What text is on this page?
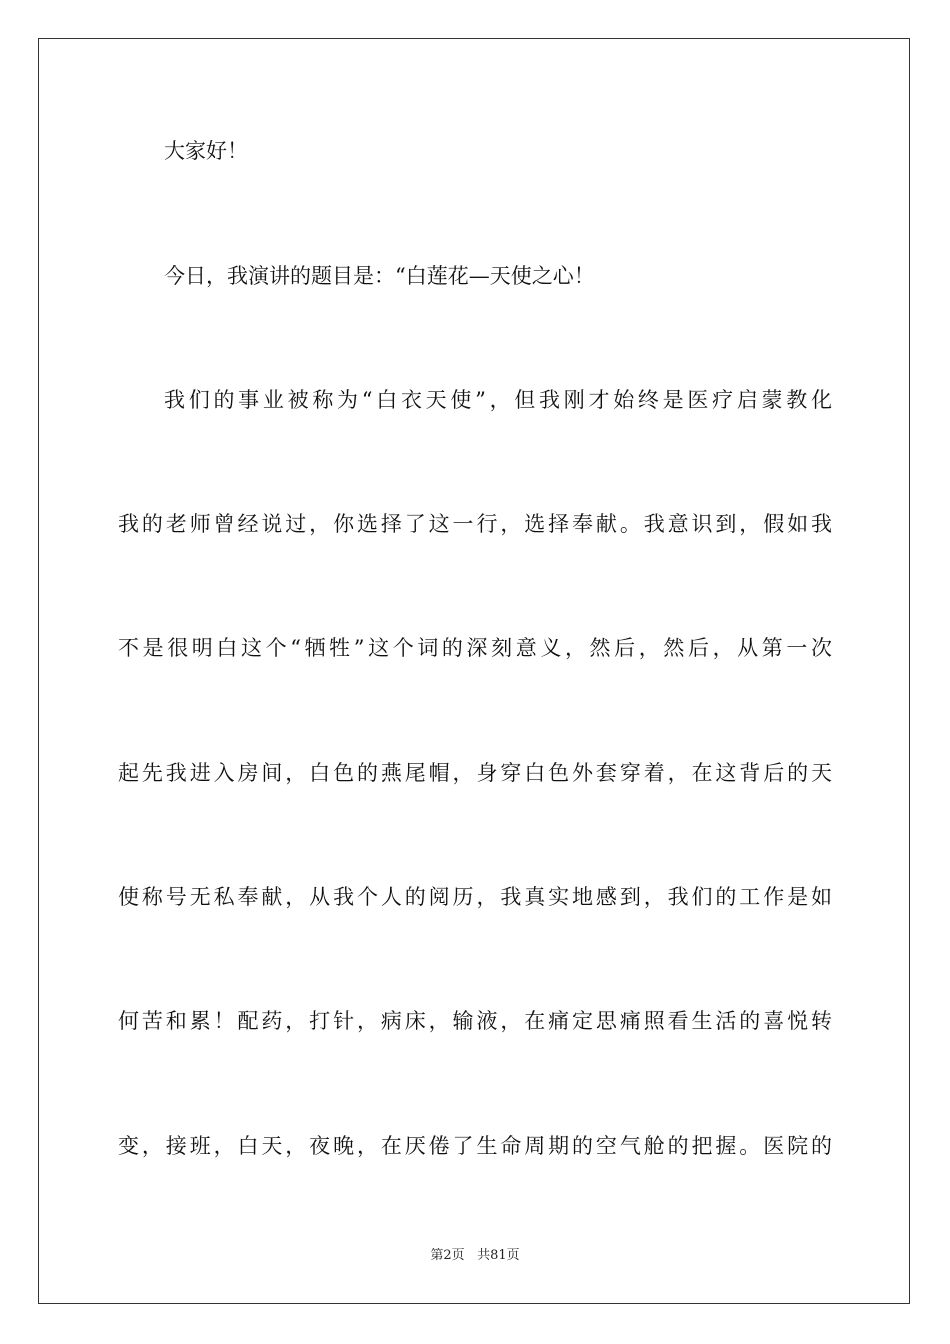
大家好！
今日，我演讲的题目是：“白莲花—天使之心！
我们的事业被称为“白衣天使”，但我刚才始终是医疗启蒙教化
我的老师曾经说过，你选择了这一行，选择奉献。我意识到，假如我
不是很明白这个“牺牲”这个词的深刻意义，然后，然后，从第一次
起先我进入房间，白色的燕尾帽，身穿白色外套穿着，在这背后的天
使称号无私奉献，从我个人的阅历，我真实地感到，我们的工作是如
何苦和累！配药，打针，病床，输液，在痛定思痛照看生活的喜悦转
变，接班，白天，夜晚，在厌倦了生命周期的空气舱的把握。医院的
第2页 共81页
